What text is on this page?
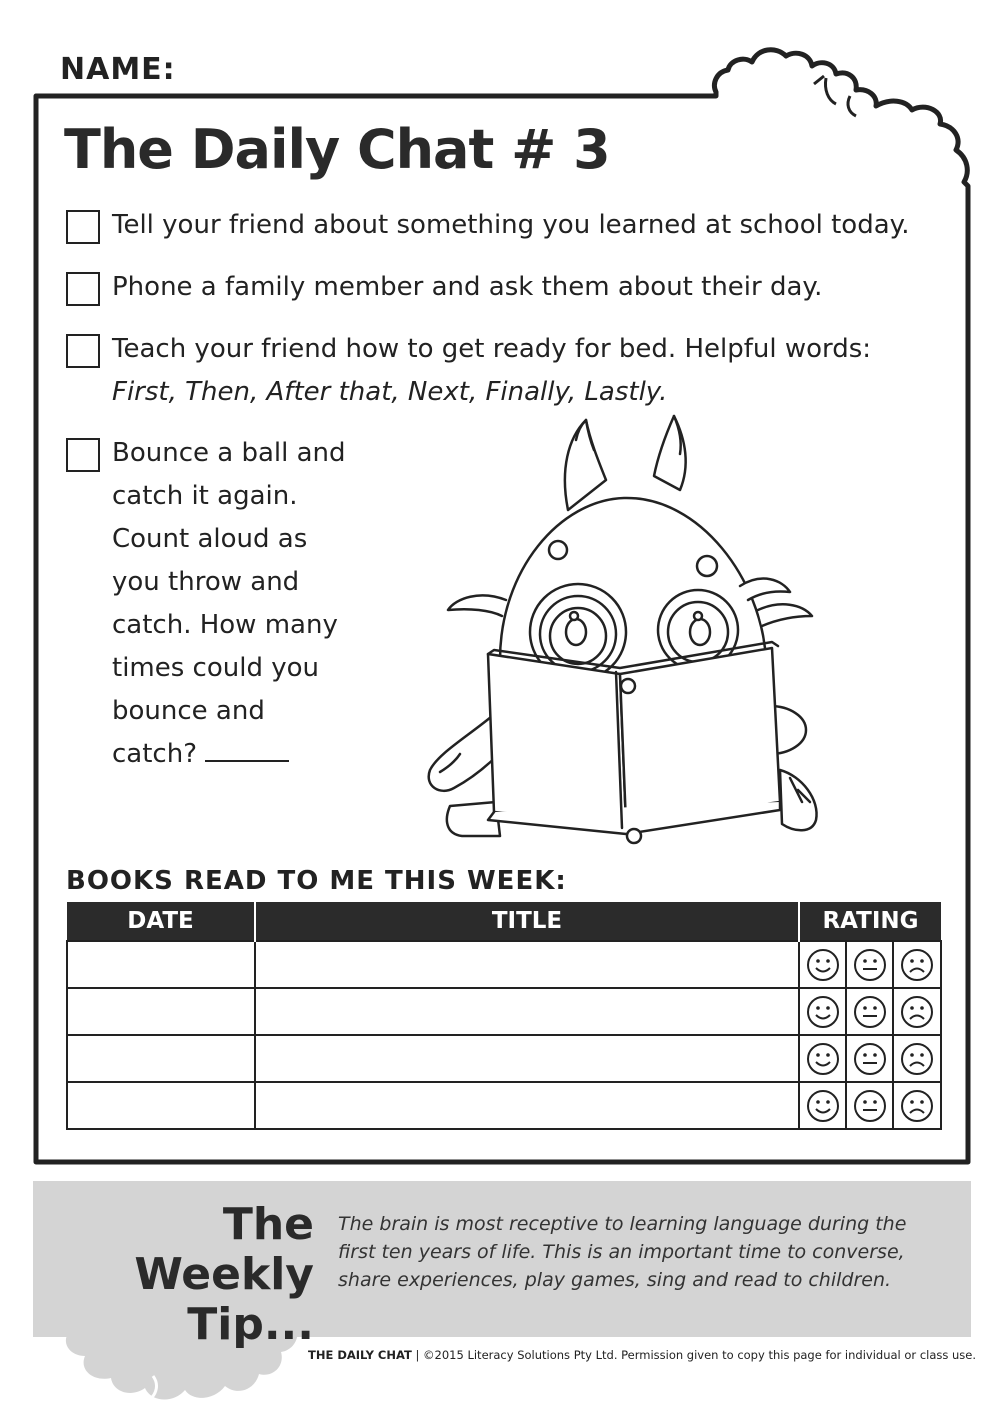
NAME:
The Daily Chat # 3
Tell your friend about something you learned at school today.
Phone a family member and ask them about their day.
Teach your friend how to get ready for bed. Helpful words:
First, Then, After that, Next, Finally, Lastly.
Bounce a ball and
catch it again.
Count aloud as
you throw and
catch. How many
times could you
bounce and
catch?
BOOKS READ TO ME THIS WEEK:
DATE	TITLE	RATING		

The Weekly
Tip...
The brain is most receptive to learning language during the first ten years of life. This is an important time to converse, share experiences, play games, sing and read to children.
THE DAILY CHAT | ©2015 Literacy Solutions Pty Ltd. Permission given to copy this page for individual or class use.
